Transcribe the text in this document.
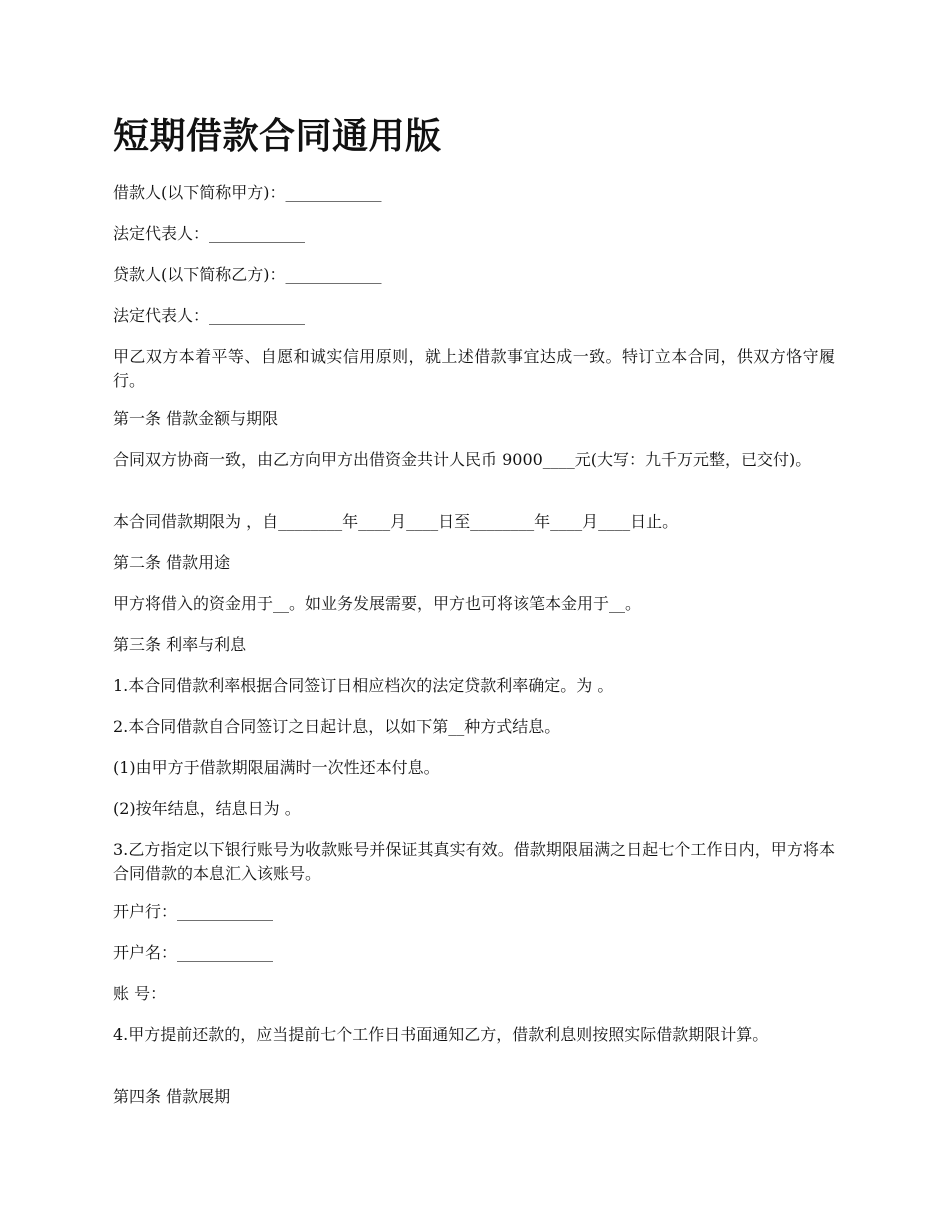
短期借款合同通用版

借款人(以下简称甲方)：____________

法定代表人：____________

贷款人(以下简称乙方)：____________

法定代表人：____________

甲乙双方本着平等、自愿和诚实信用原则，就上述借款事宜达成一致。特订立本合同，供双方恪守履行。

第一条 借款金额与期限

合同双方协商一致，由乙方向甲方出借资金共计人民币 9000____元(大写：九千万元整，已交付)。

本合同借款期限为 ，自________年____月____日至________年____月____日止。

第二条 借款用途

甲方将借入的资金用于__。如业务发展需要，甲方也可将该笔本金用于__。

第三条 利率与利息

1.本合同借款利率根据合同签订日相应档次的法定贷款利率确定。为 。

2.本合同借款自合同签订之日起计息，以如下第__种方式结息。

(1)由甲方于借款期限届满时一次性还本付息。

(2)按年结息，结息日为 。

3.乙方指定以下银行账号为收款账号并保证其真实有效。借款期限届满之日起七个工作日内，甲方将本合同借款的本息汇入该账号。

开户行：____________

开户名：____________

账 号：

4.甲方提前还款的，应当提前七个工作日书面通知乙方，借款利息则按照实际借款期限计算。

第四条 借款展期
